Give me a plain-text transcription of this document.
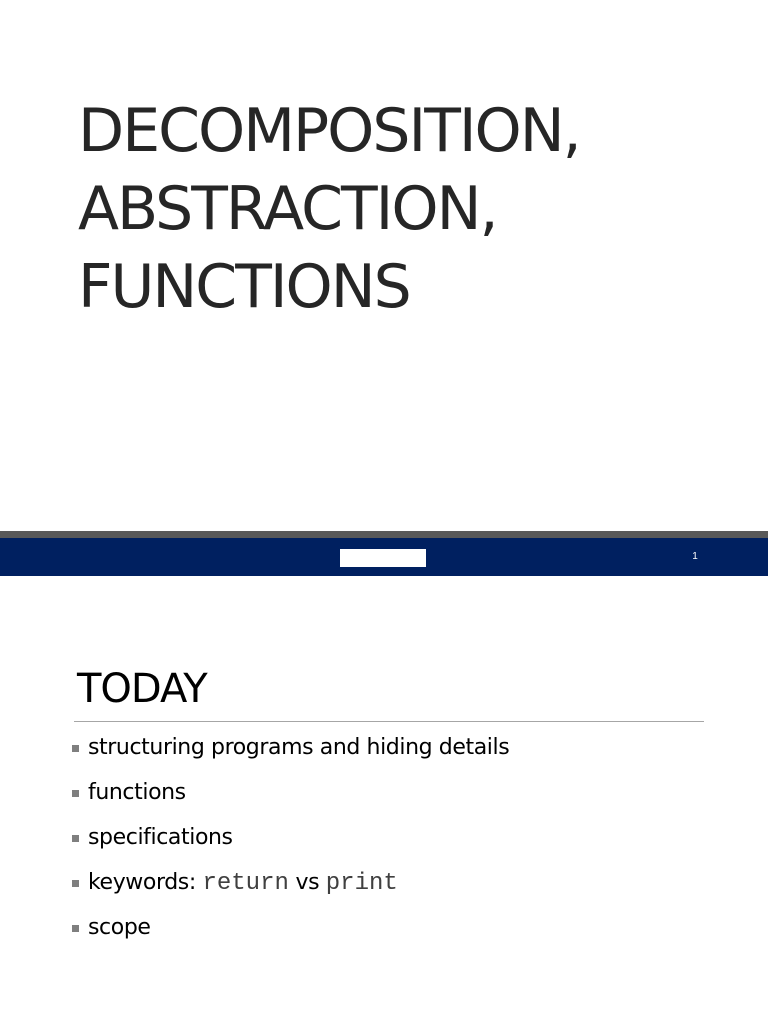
DECOMPOSITION,
ABSTRACTION,
FUNCTIONS
1
TODAY
structuring programs and hiding details
functions
specifications
keywords: return vs print
scope
